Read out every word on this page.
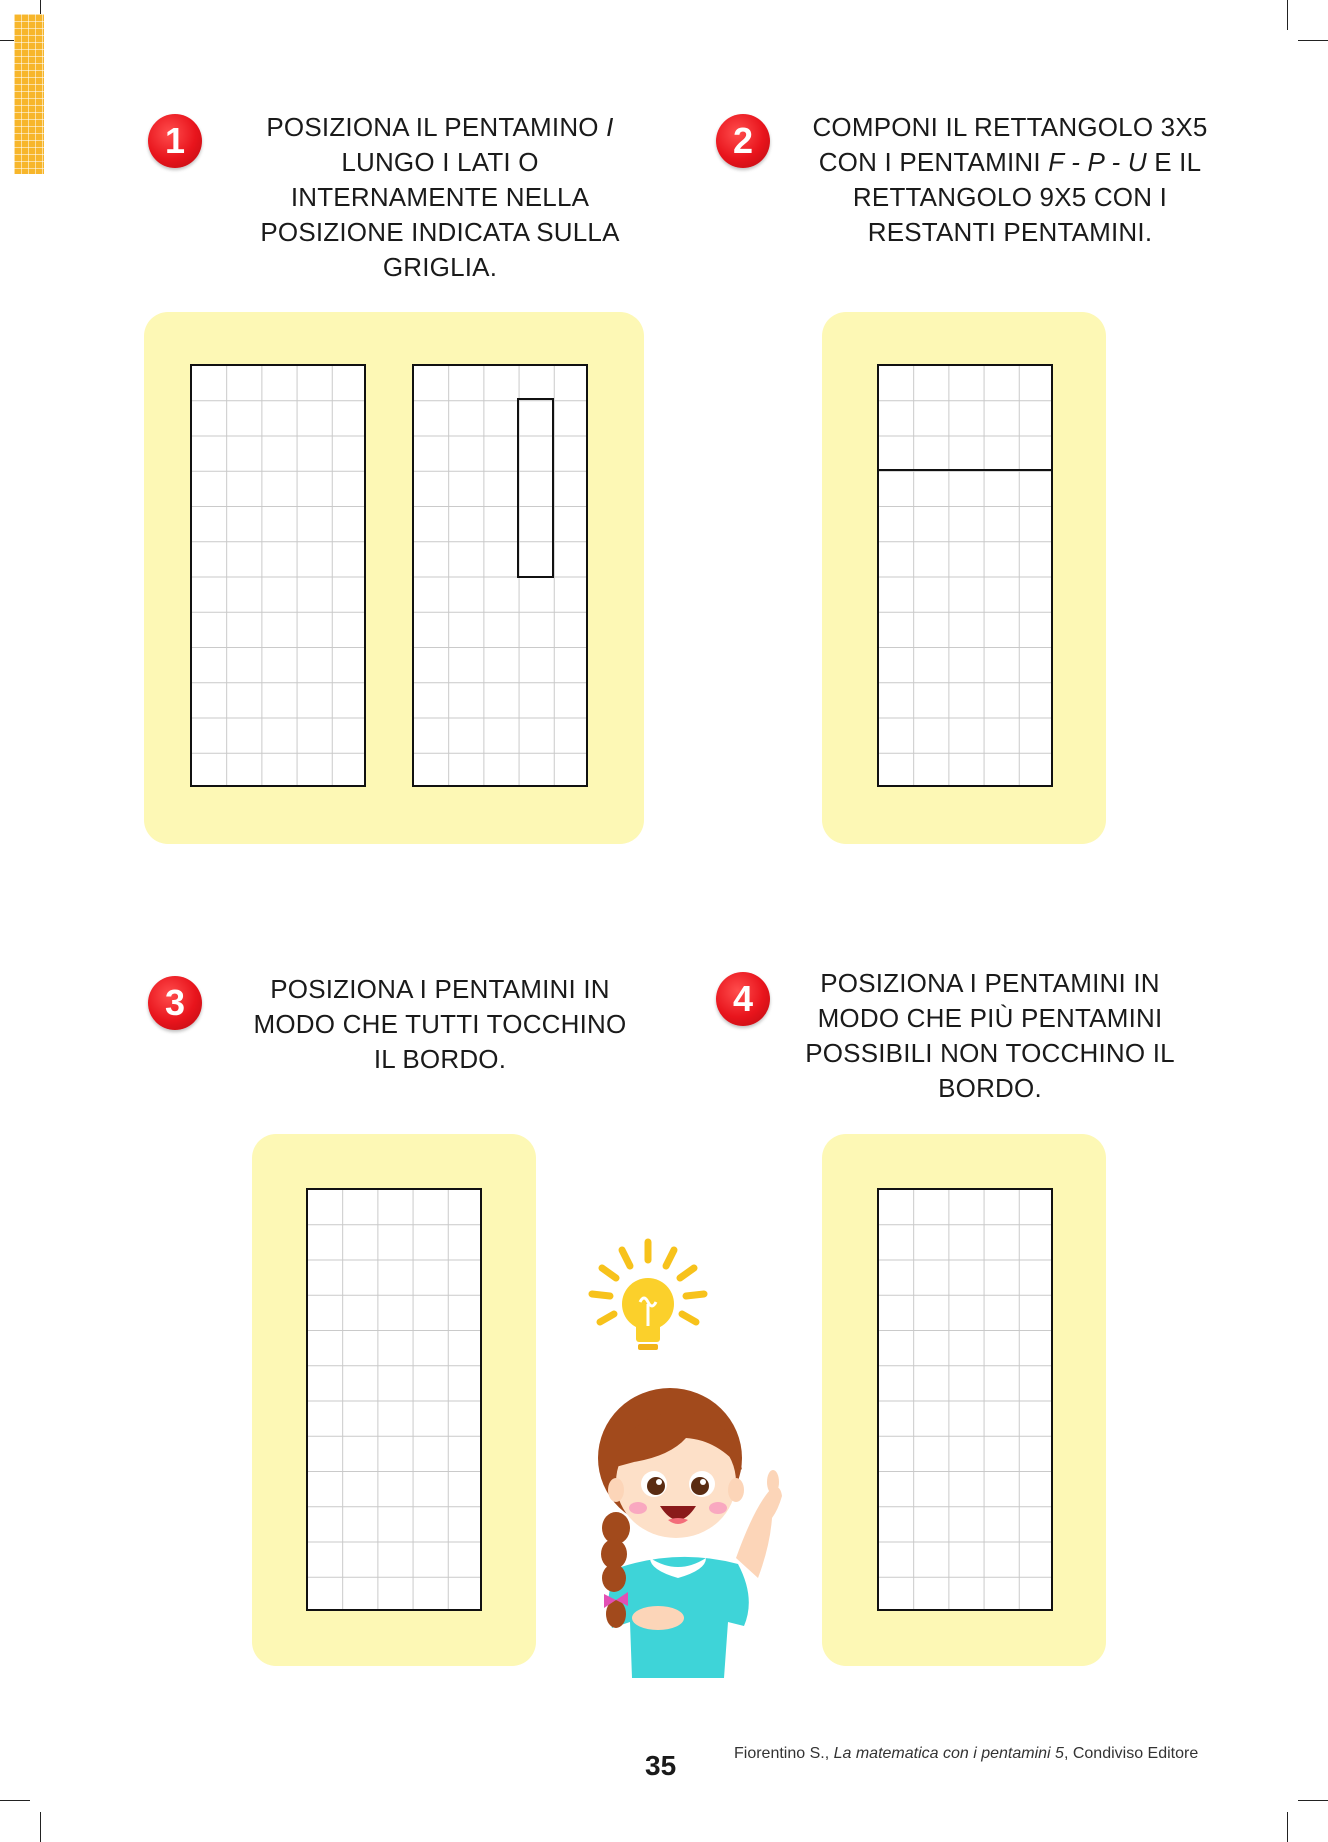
1	POSIZIONA IL PENTAMINO I LUNGO I LATI O INTERNAMENTE NELLA POSIZIONE INDICATA SULLA GRIGLIA.
2	COMPONI IL RETTANGOLO 3X5 CON I PENTAMINI F - P - U E IL RETTANGOLO 9X5 CON I RESTANTI PENTAMINI.
3	POSIZIONA I PENTAMINI IN MODO CHE TUTTI TOCCHINO IL BORDO.
4	POSIZIONA I PENTAMINI IN MODO CHE PIÙ PENTAMINI POSSIBILI NON TOCCHINO IL BORDO.
35	Fiorentino S., La matematica con i pentamini 5, Condiviso Editore
